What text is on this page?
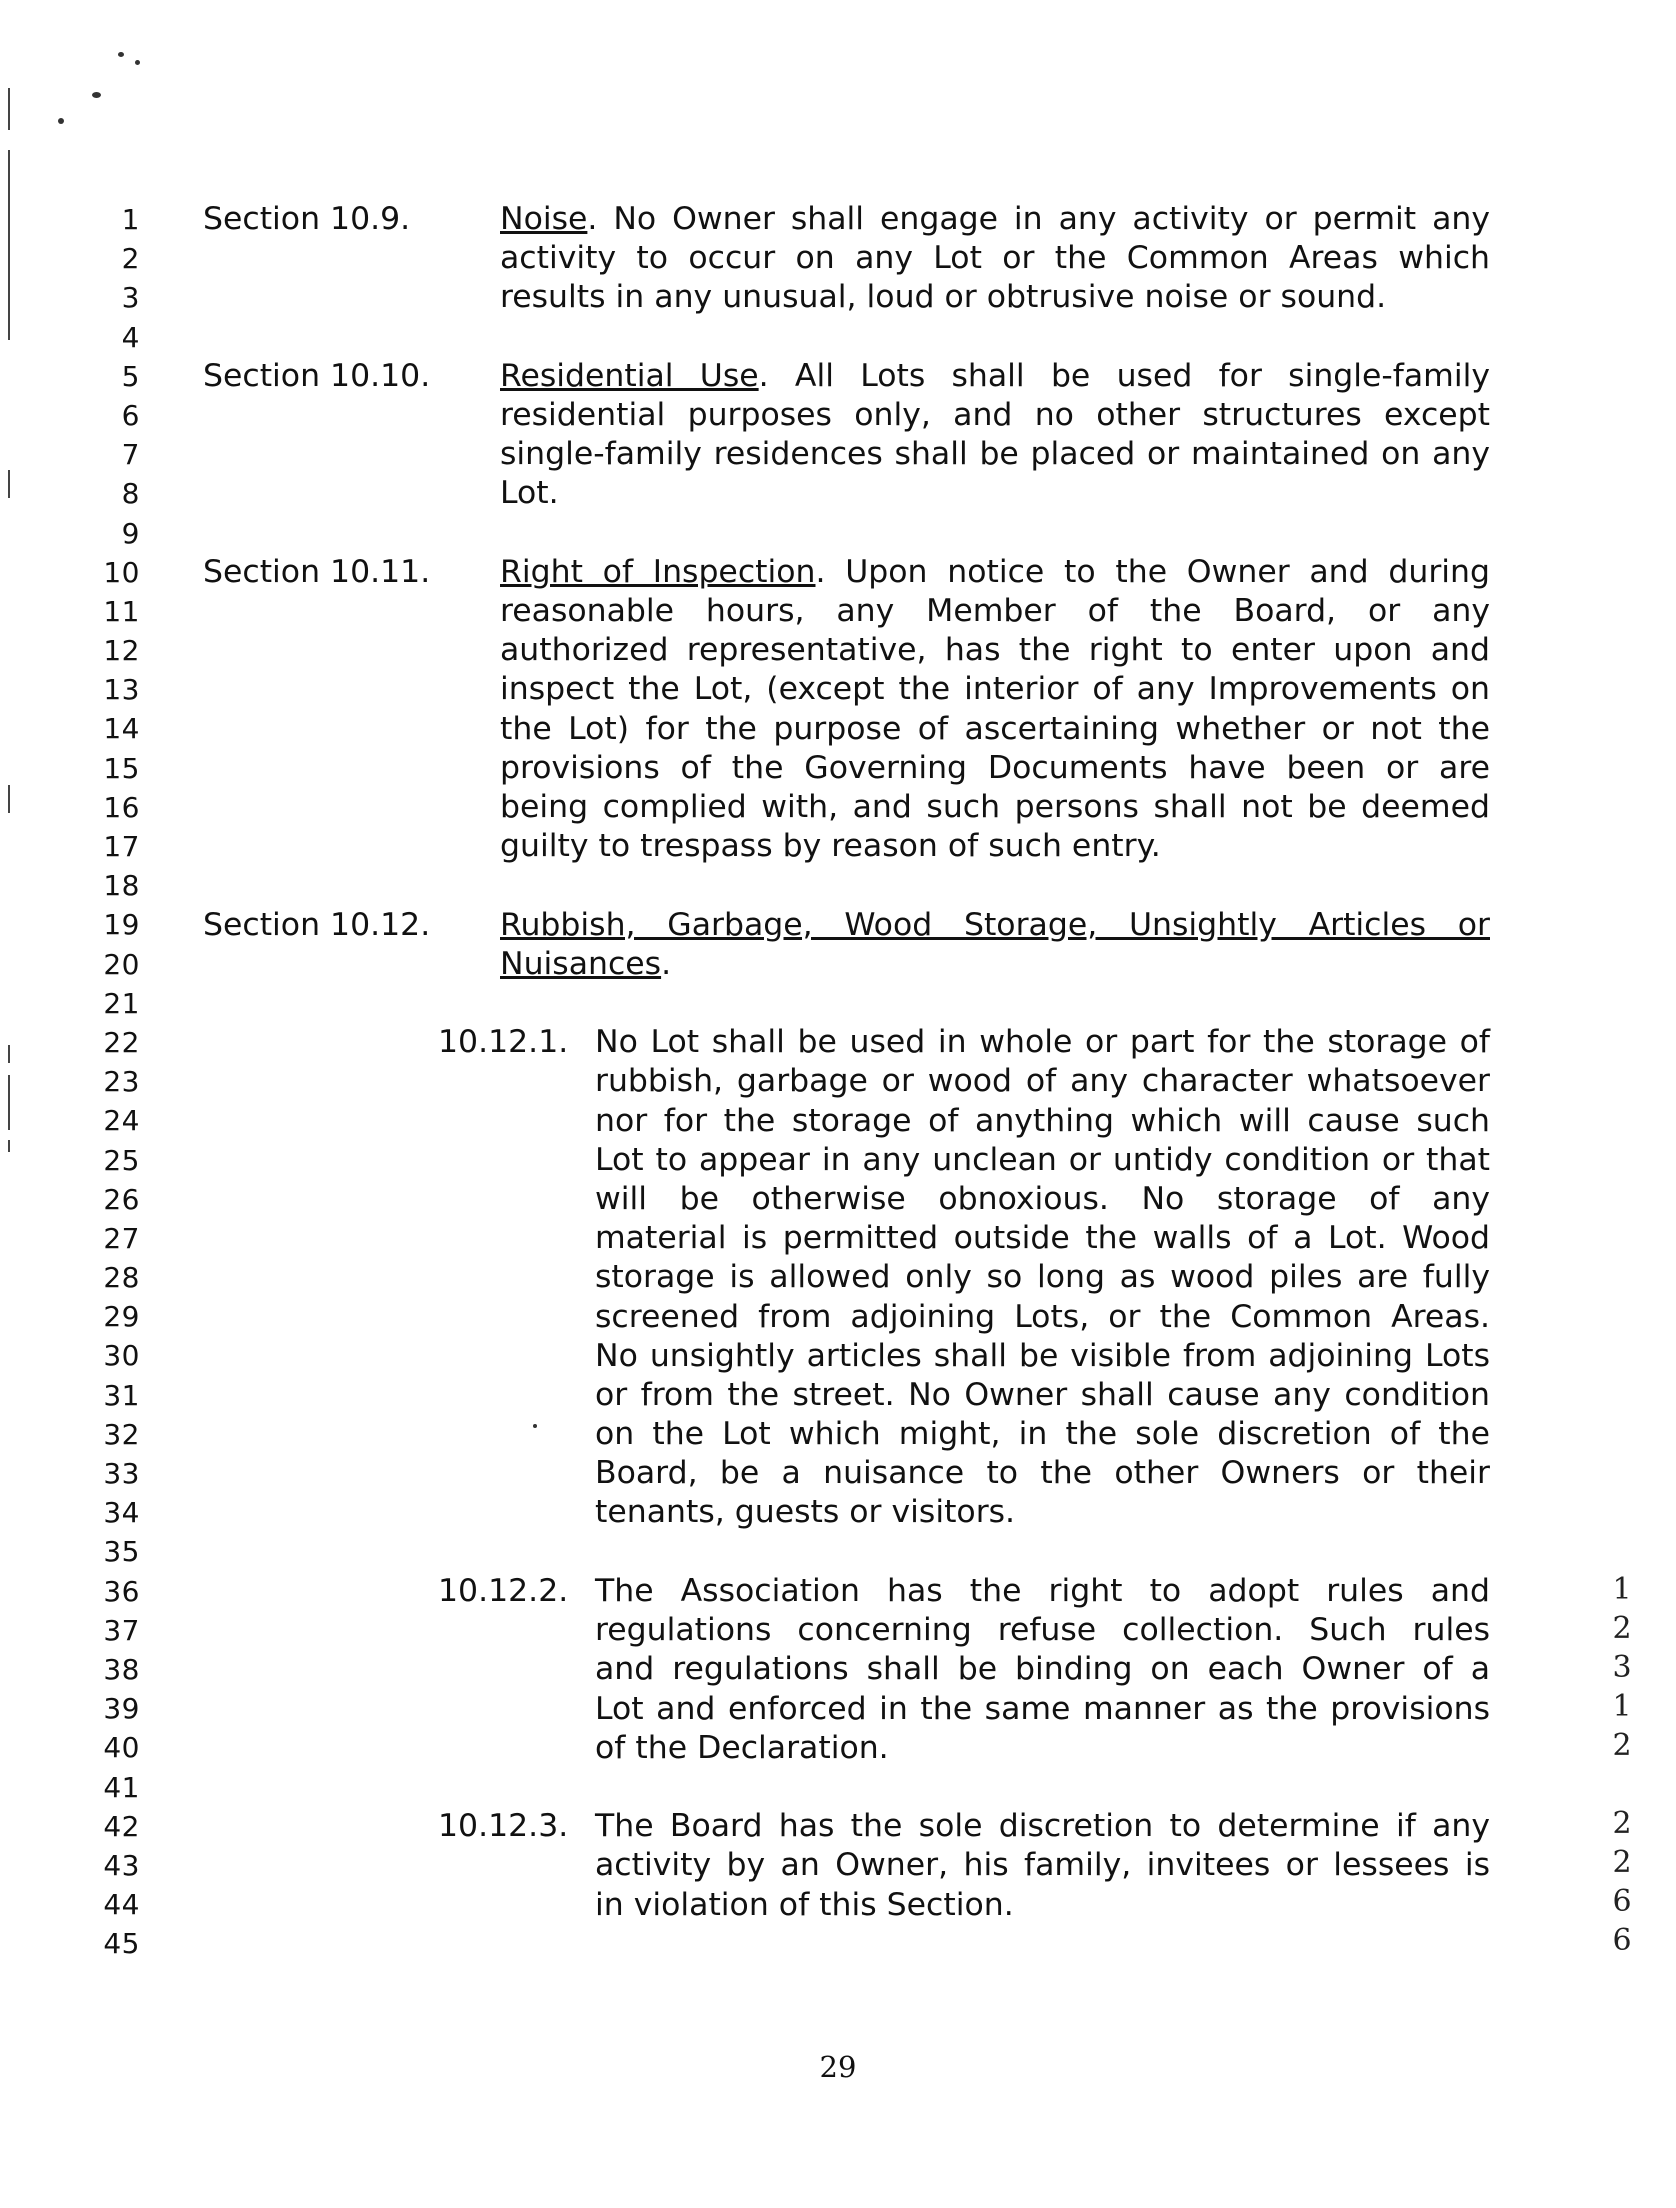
1
2
3
4
5
6
7
8
9
10
11
12
13
14
15
16
17
18
19
20
21
22
23
24
25
26
27
28
29
30
31
32
33
34
35
36
37
38
39
40
41
42
43
44
45
Section 10.9.	Noise. No Owner shall engage in any activity or permit any
activity to occur on any Lot or the Common Areas which
results in any unusual, loud or obtrusive noise or sound.
Section 10.10. Residential Use. All Lots shall be used for single-family
residential purposes only, and no other structures except
single-family residences shall be placed or maintained on any
Lot.
Section 10.11. Right of Inspection. Upon notice to the Owner and during
reasonable hours, any Member of the Board, or any
authorized representative, has the right to enter upon and
inspect the Lot, (except the interior of any Improvements on
the Lot) for the purpose of ascertaining whether or not the
provisions of the Governing Documents have been or are
being complied with, and such persons shall not be deemed
guilty to trespass by reason of such entry.
Section 10.12. Rubbish, Garbage, Wood Storage, Unsightly Articles or
Nuisances.
10.12.1. No Lot shall be used in whole or part for the storage of
rubbish, garbage or wood of any character whatsoever
nor for the storage of anything which will cause such
Lot to appear in any unclean or untidy condition or that
will be otherwise obnoxious. No storage of any
material is permitted outside the walls of a Lot. Wood
storage is allowed only so long as wood piles are fully
screened from adjoining Lots, or the Common Areas.
No unsightly articles shall be visible from adjoining Lots
or from the street. No Owner shall cause any condition
on the Lot which might, in the sole discretion of the
Board, be a nuisance to the other Owners or their
tenants, guests or visitors.
10.12.2. The Association has the right to adopt rules and
regulations concerning refuse collection. Such rules
and regulations shall be binding on each Owner of a
Lot and enforced in the same manner as the provisions
of the Declaration.
10.12.3. The Board has the sole discretion to determine if any
activity by an Owner, his family, invitees or lessees is
in violation of this Section.
1
2
3
1
2
2
2
6
6
29
